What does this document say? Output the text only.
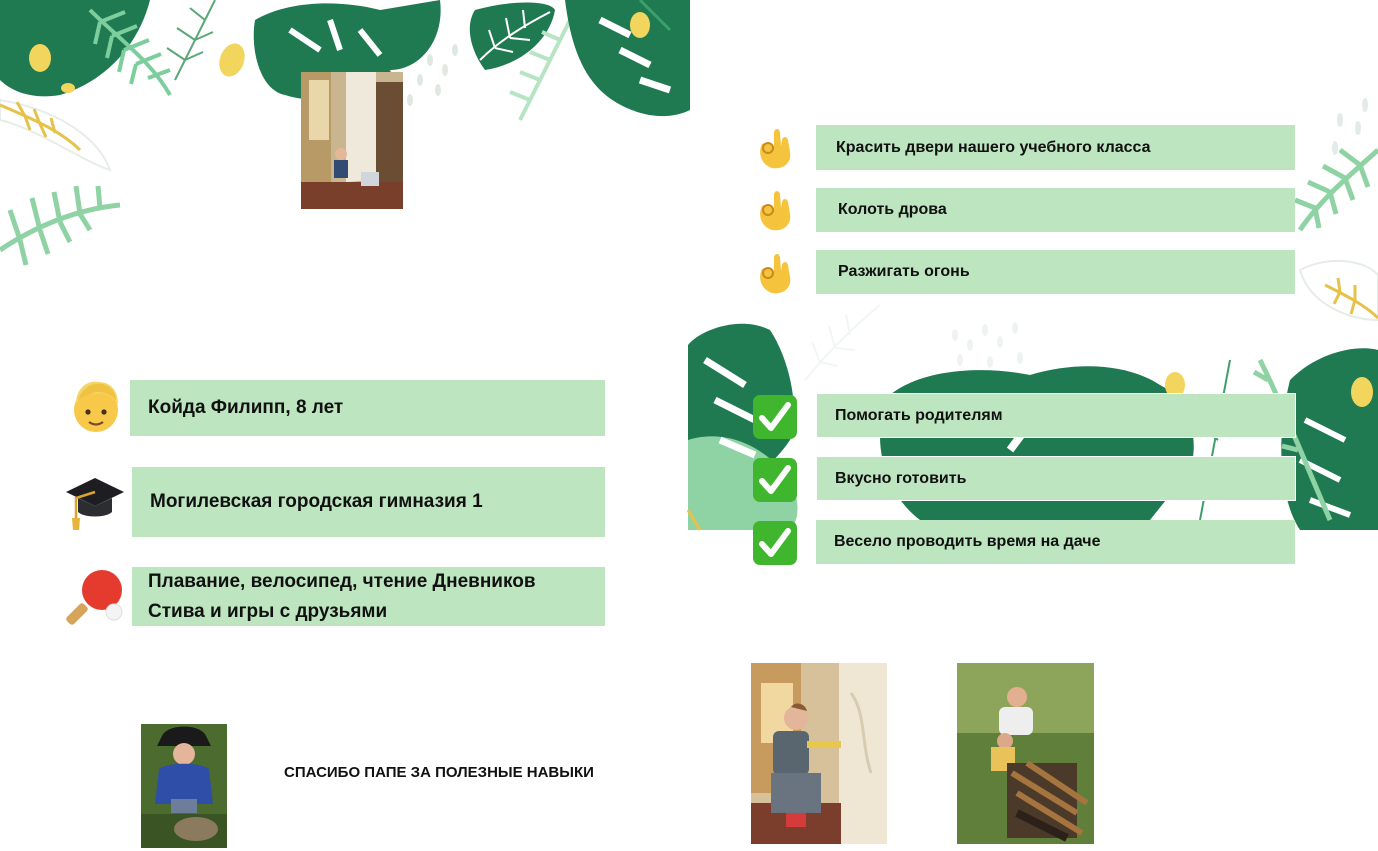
Койда Филипп, 8 лет
Могилевская городская гимназия 1
Плавание, велосипед, чтение Дневников Стива и игры с друзьями
СПАСИБО ПАПЕ ЗА ПОЛЕЗНЫЕ НАВЫКИ
ульта
Красить двери нашего учебного класса
Колоть дрова
Разжигать огонь
Помогать родителям
Вкусно готовить
Весело проводить время на даче
